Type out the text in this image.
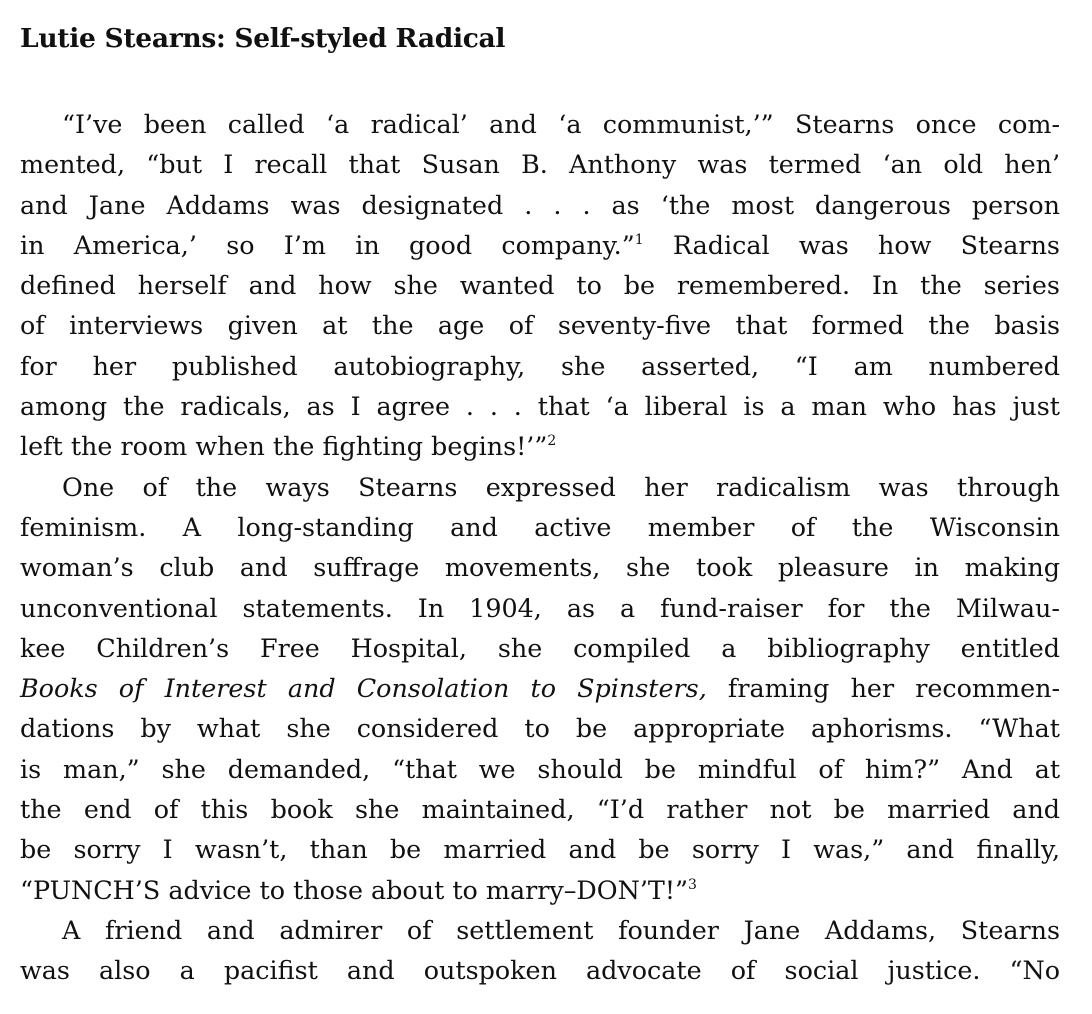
Lutie Stearns: Self-styled Radical
“I’ve been called ‘a radical’ and ‘a communist,’” Stearns once com-
mented, “but I recall that Susan B. Anthony was termed ‘an old hen’
and Jane Addams was designated . . . as ‘the most dangerous person
in America,’ so I’m in good company.”$^1$ Radical was how Stearns
defined herself and how she wanted to be remembered. In the series
of interviews given at the age of seventy-five that formed the basis
for her published autobiography, she asserted, “I am numbered
among the radicals, as I agree . . . that ‘a liberal is a man who has just
left the room when the fighting begins!’”$^2$
One of the ways Stearns expressed her radicalism was through
feminism. A long-standing and active member of the Wisconsin
woman’s club and suffrage movements, she took pleasure in making
unconventional statements. In 1904, as a fund-raiser for the Milwau-
kee Children’s Free Hospital, she compiled a bibliography entitled
Books of Interest and Consolation to Spinsters, framing her recommen-
dations by what she considered to be appropriate aphorisms. “What
is man,” she demanded, “that we should be mindful of him?” And at
the end of this book she maintained, “I’d rather not be married and
be sorry I wasn’t, than be married and be sorry I was,” and finally,
“PUNCH’S advice to those about to marry–DON’T!”$^3$
A friend and admirer of settlement founder Jane Addams, Stearns
was also a pacifist and outspoken advocate of social justice. “No
